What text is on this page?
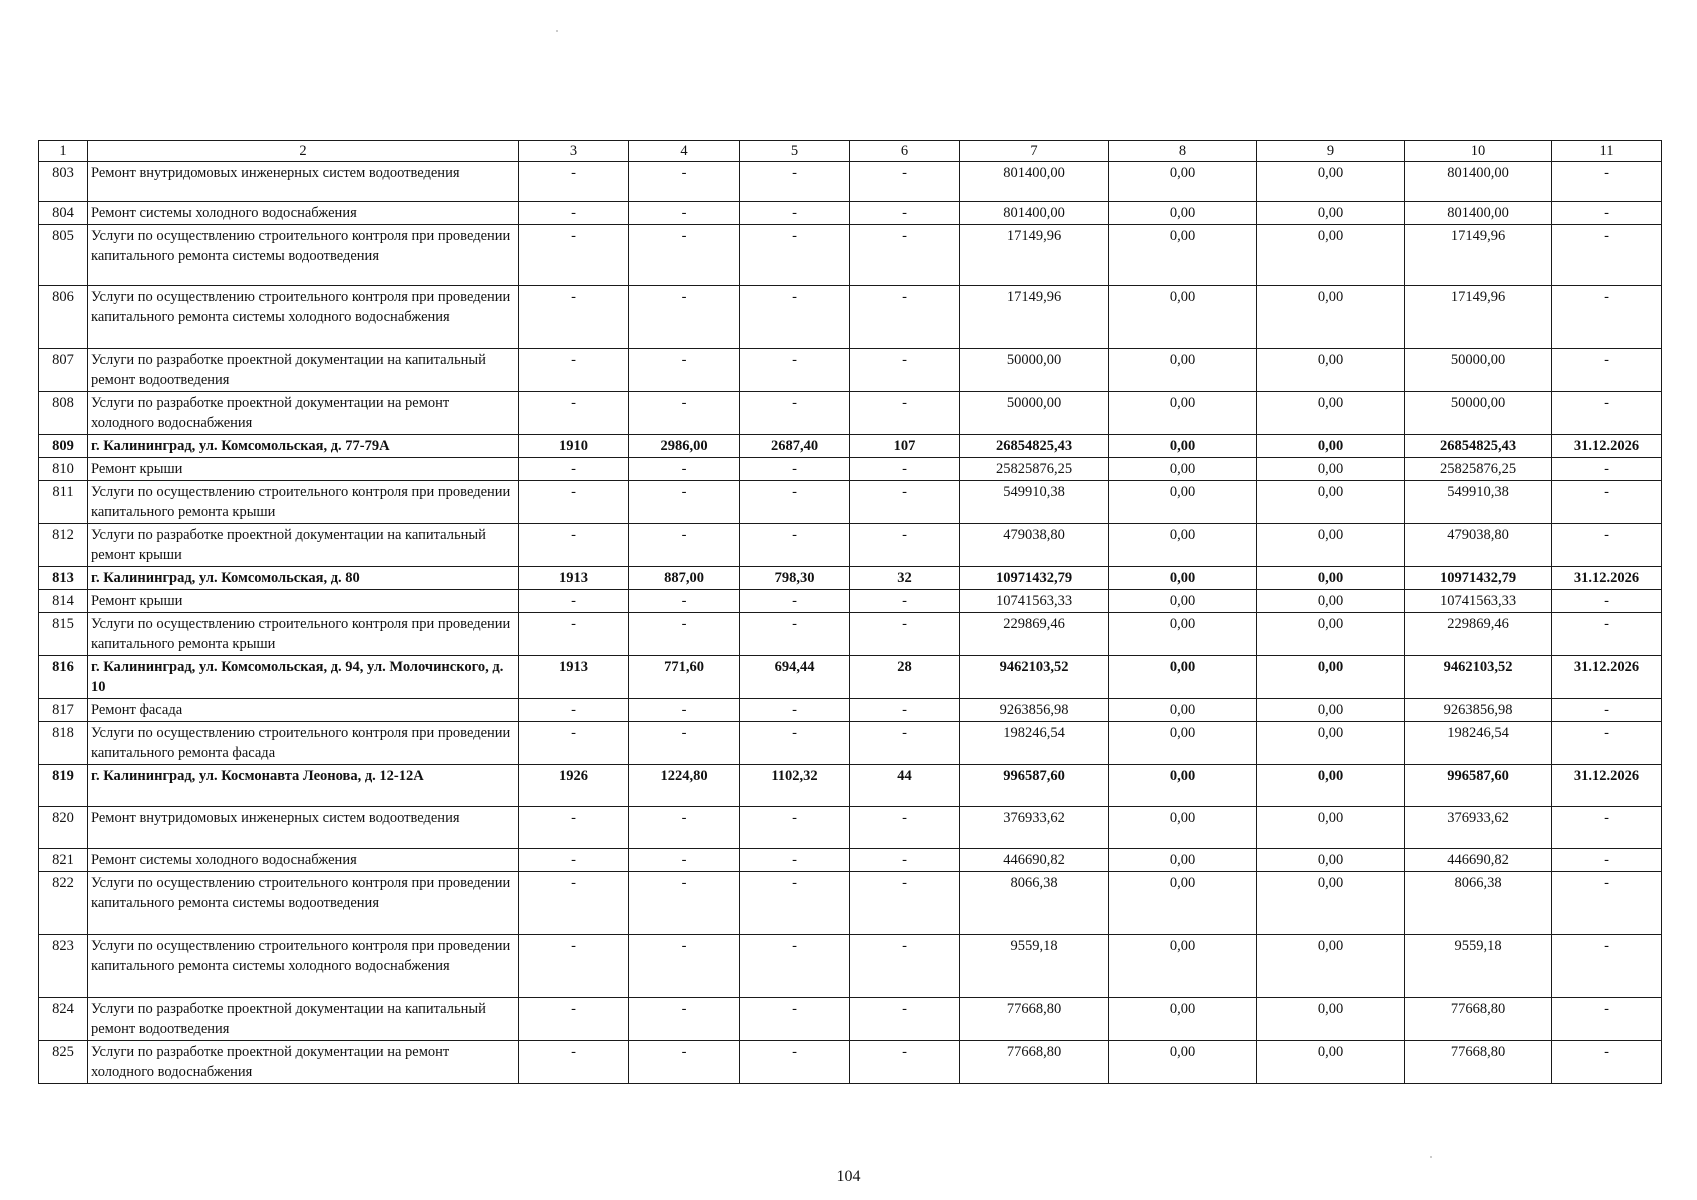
1	2	3	4	5	6	7	8	9	10	11
803	Ремонт внутридомовых инженерных систем водоотведения	-	-	-	-	801400,00	0,00	0,00	801400,00	-
804	Ремонт системы холодного водоснабжения	-	-	-	-	801400,00	0,00	0,00	801400,00	-
805	Услуги по осуществлению строительного контроля при проведении капитального ремонта системы водоотведения	-	-	-	-	17149,96	0,00	0,00	17149,96	-
806	Услуги по осуществлению строительного контроля при проведении капитального ремонта системы холодного водоснабжения	-	-	-	-	17149,96	0,00	0,00	17149,96	-
807	Услуги по разработке проектной документации на капитальный ремонт водоотведения	-	-	-	-	50000,00	0,00	0,00	50000,00	-
808	Услуги по разработке проектной документации на ремонт холодного водоснабжения	-	-	-	-	50000,00	0,00	0,00	50000,00	-
809	г. Калининград, ул. Комсомольская, д. 77-79А	1910	2986,00	2687,40	107	26854825,43	0,00	0,00	26854825,43	31.12.2026
810	Ремонт крыши	-	-	-	-	25825876,25	0,00	0,00	25825876,25	-
811	Услуги по осуществлению строительного контроля при проведении капитального ремонта крыши	-	-	-	-	549910,38	0,00	0,00	549910,38	-
812	Услуги по разработке проектной документации на капитальный ремонт крыши	-	-	-	-	479038,80	0,00	0,00	479038,80	-
813	г. Калининград, ул. Комсомольская, д. 80	1913	887,00	798,30	32	10971432,79	0,00	0,00	10971432,79	31.12.2026
814	Ремонт крыши	-	-	-	-	10741563,33	0,00	0,00	10741563,33	-
815	Услуги по осуществлению строительного контроля при проведении капитального ремонта крыши	-	-	-	-	229869,46	0,00	0,00	229869,46	-
816	г. Калининград, ул. Комсомольская, д. 94, ул. Молочинского, д. 10	1913	771,60	694,44	28	9462103,52	0,00	0,00	9462103,52	31.12.2026
817	Ремонт фасада	-	-	-	-	9263856,98	0,00	0,00	9263856,98	-
818	Услуги по осуществлению строительного контроля при проведении капитального ремонта фасада	-	-	-	-	198246,54	0,00	0,00	198246,54	-
819	г. Калининград, ул. Космонавта Леонова, д. 12-12А	1926	1224,80	1102,32	44	996587,60	0,00	0,00	996587,60	31.12.2026
820	Ремонт внутридомовых инженерных систем водоотведения	-	-	-	-	376933,62	0,00	0,00	376933,62	-
821	Ремонт системы холодного водоснабжения	-	-	-	-	446690,82	0,00	0,00	446690,82	-
822	Услуги по осуществлению строительного контроля при проведении капитального ремонта системы водоотведения	-	-	-	-	8066,38	0,00	0,00	8066,38	-
823	Услуги по осуществлению строительного контроля при проведении капитального ремонта системы холодного водоснабжения	-	-	-	-	9559,18	0,00	0,00	9559,18	-
824	Услуги по разработке проектной документации на капитальный ремонт водоотведения	-	-	-	-	77668,80	0,00	0,00	77668,80	-
825	Услуги по разработке проектной документации на ремонт холодного водоснабжения	-	-	-	-	77668,80	0,00	0,00	77668,80	-
104
